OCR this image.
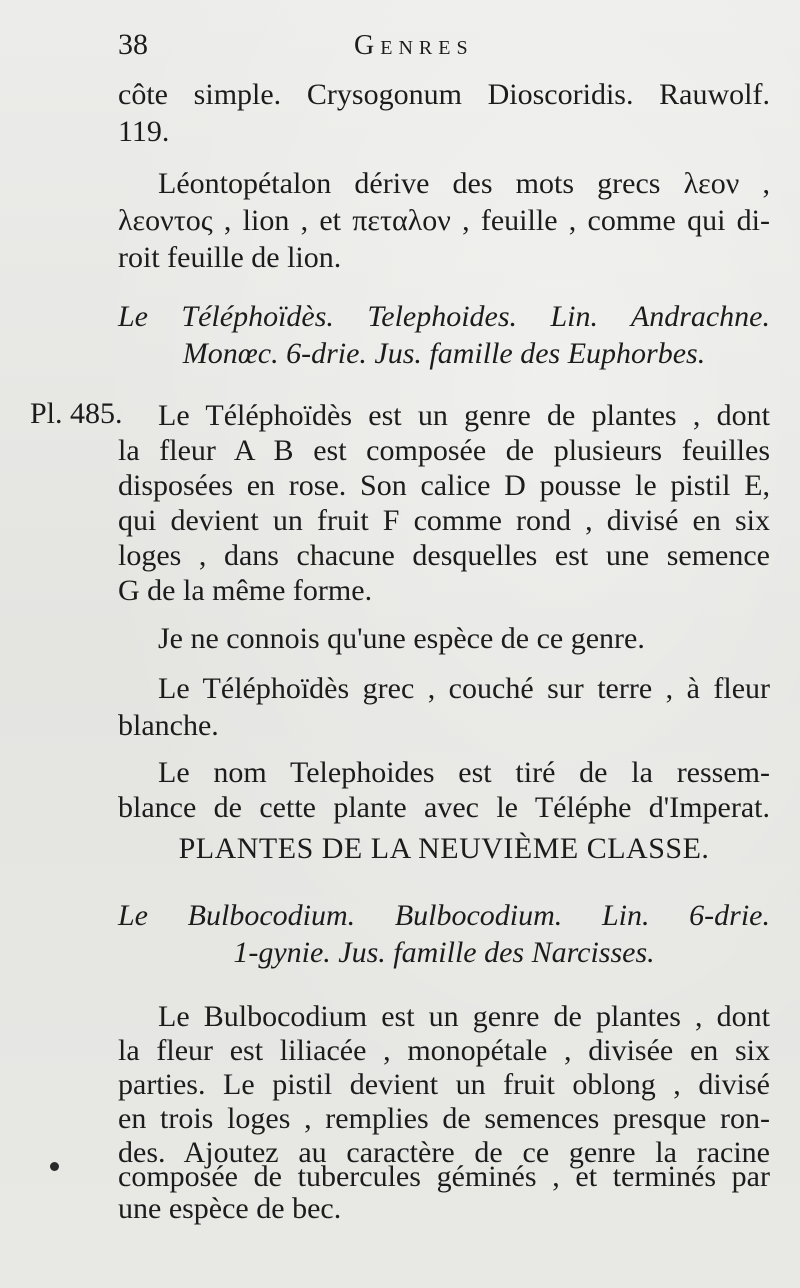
38	Genres
Pl. 485.

côte simple. Crysogonum Dioscoridis. Rauwolf.

119.

Léontopétalon dérive des mots grecs λεον ,

λεοντος , lion , et πεταλον , feuille , comme qui di-

roit feuille de lion.

Le Téléphoïdès. Telephoides. Lin. Andrachne.

Monœc. 6-drie. Jus. famille des Euphorbes.

Le Téléphoïdès est un genre de plantes , dont

la fleur A B est composée de plusieurs feuilles

disposées en rose. Son calice D pousse le pistil E,

qui devient un fruit F comme rond , divisé en six

loges , dans chacune desquelles est une semence

G de la même forme.

Je ne connois qu'une espèce de ce genre.

Le Téléphoïdès grec , couché sur terre , à fleur

blanche.

Le nom Telephoides est tiré de la ressem-

blance de cette plante avec le Téléphe d'Imperat.

PLANTES DE LA NEUVIÈME CLASSE.

Le Bulbocodium. Bulbocodium. Lin. 6-drie.

1-gynie. Jus. famille des Narcisses.

Le Bulbocodium est un genre de plantes , dont

la fleur est liliacée , monopétale , divisée en six

parties. Le pistil devient un fruit oblong , divisé

en trois loges , remplies de semences presque ron-

des. Ajoutez au caractère de ce genre la racine

composée de tubercules géminés , et terminés par

une espèce de bec.
